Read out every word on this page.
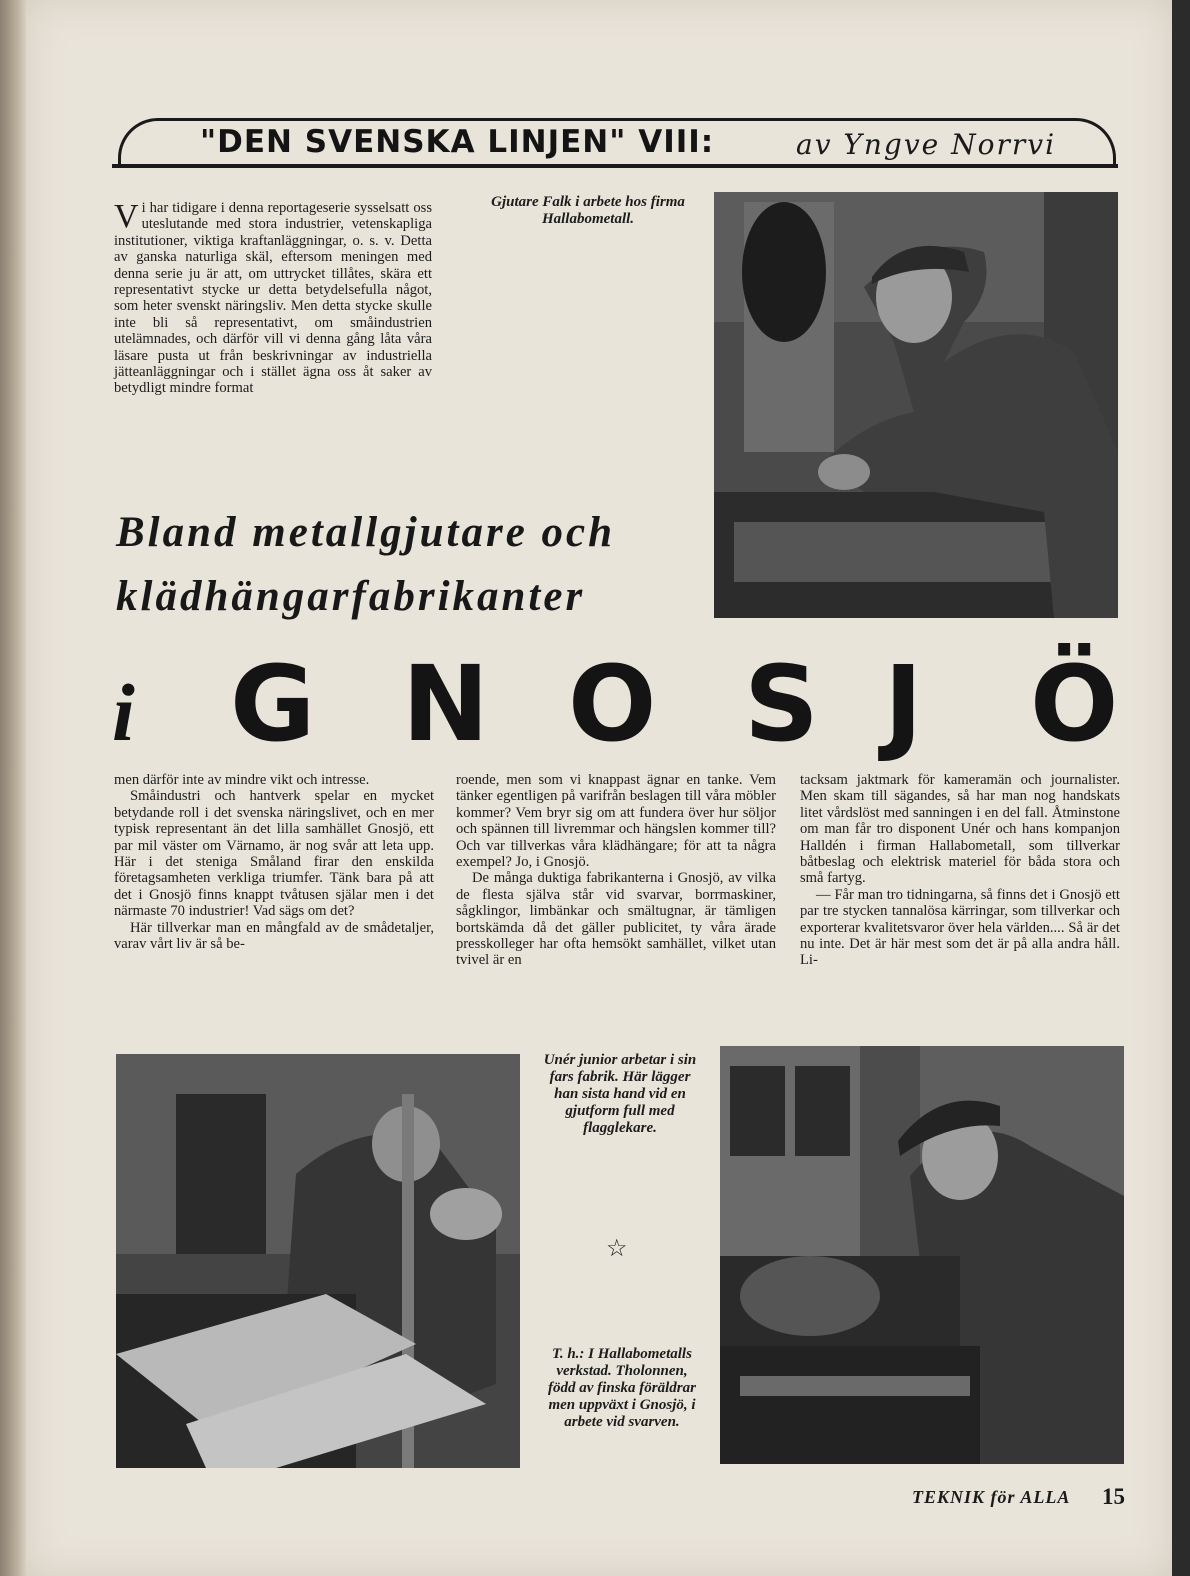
"DEN SVENSKA LINJEN" VIII:	av Yngve Norrvi
Vi har tidigare i denna reportageserie sysselsatt oss uteslutande med stora industrier, vetenskapliga institutioner, viktiga kraftanläggningar, o. s. v. Detta av ganska naturliga skäl, eftersom meningen med denna serie ju är att, om uttrycket tillåtes, skära ett representativt stycke ur detta betydelsefulla något, som heter svenskt näringsliv. Men detta stycke skulle inte bli så representativt, om småindustrien utelämnades, och därför vill vi denna gång låta våra läsare pusta ut från beskrivningar av industriella jätteanläggningar och i stället ägna oss åt saker av betydligt mindre format
Gjutare Falk i arbete hos firma Hallabometall.
Bland metallgjutare och
klädhängarfabrikanter
i G N O S J Ö

men därför inte av mindre vikt och intresse.

Småindustri och hantverk spelar en mycket betydande roll i det svenska näringslivet, och en mer typisk representant än det lilla samhället Gnosjö, ett par mil väster om Värnamo, är nog svår att leta upp. Här i det steniga Småland firar den enskilda företagsamheten verkliga triumfer. Tänk bara på att det i Gnosjö finns knappt tvåtusen själar men i det närmaste 70 industrier! Vad sägs om det?

Här tillverkar man en mångfald av de smådetaljer, varav vårt liv är så be-

roende, men som vi knappast ägnar en tanke. Vem tänker egentligen på varifrån beslagen till våra möbler kommer? Vem bryr sig om att fundera över hur söljor och spännen till livremmar och hängslen kommer till? Och var tillverkas våra klädhängare; för att ta några exempel? Jo, i Gnosjö.

De många duktiga fabrikanterna i Gnosjö, av vilka de flesta själva står vid svarvar, borrmaskiner, sågklingor, limbänkar och smältugnar, är tämligen bortskämda då det gäller publicitet, ty våra ärade presskolleger har ofta hemsökt samhället, vilket utan tvivel är en

tacksam jaktmark för kameramän och journalister. Men skam till sägandes, så har man nog handskats litet vårdslöst med sanningen i en del fall. Åtminstone om man får tro disponent Unér och hans kompanjon Halldén i firman Hallabometall, som tillverkar båtbeslag och elektrisk materiel för båda stora och små fartyg.

— Får man tro tidningarna, så finns det i Gnosjö ett par tre stycken tannalösa kärringar, som tillverkar och exporterar kvalitetsvaror över hela världen.... Så är det nu inte. Det är här mest som det är på alla andra håll. Li-

Unér junior arbetar i sin fars fabrik. Här lägger han sista hand vid en gjutform full med flagglekare.
☆
T. h.: I Hallabometalls verkstad. Tholonnen, född av finska föräldrar men uppväxt i Gnosjö, i arbete vid svarven.
TEKNIK för ALLA 15
